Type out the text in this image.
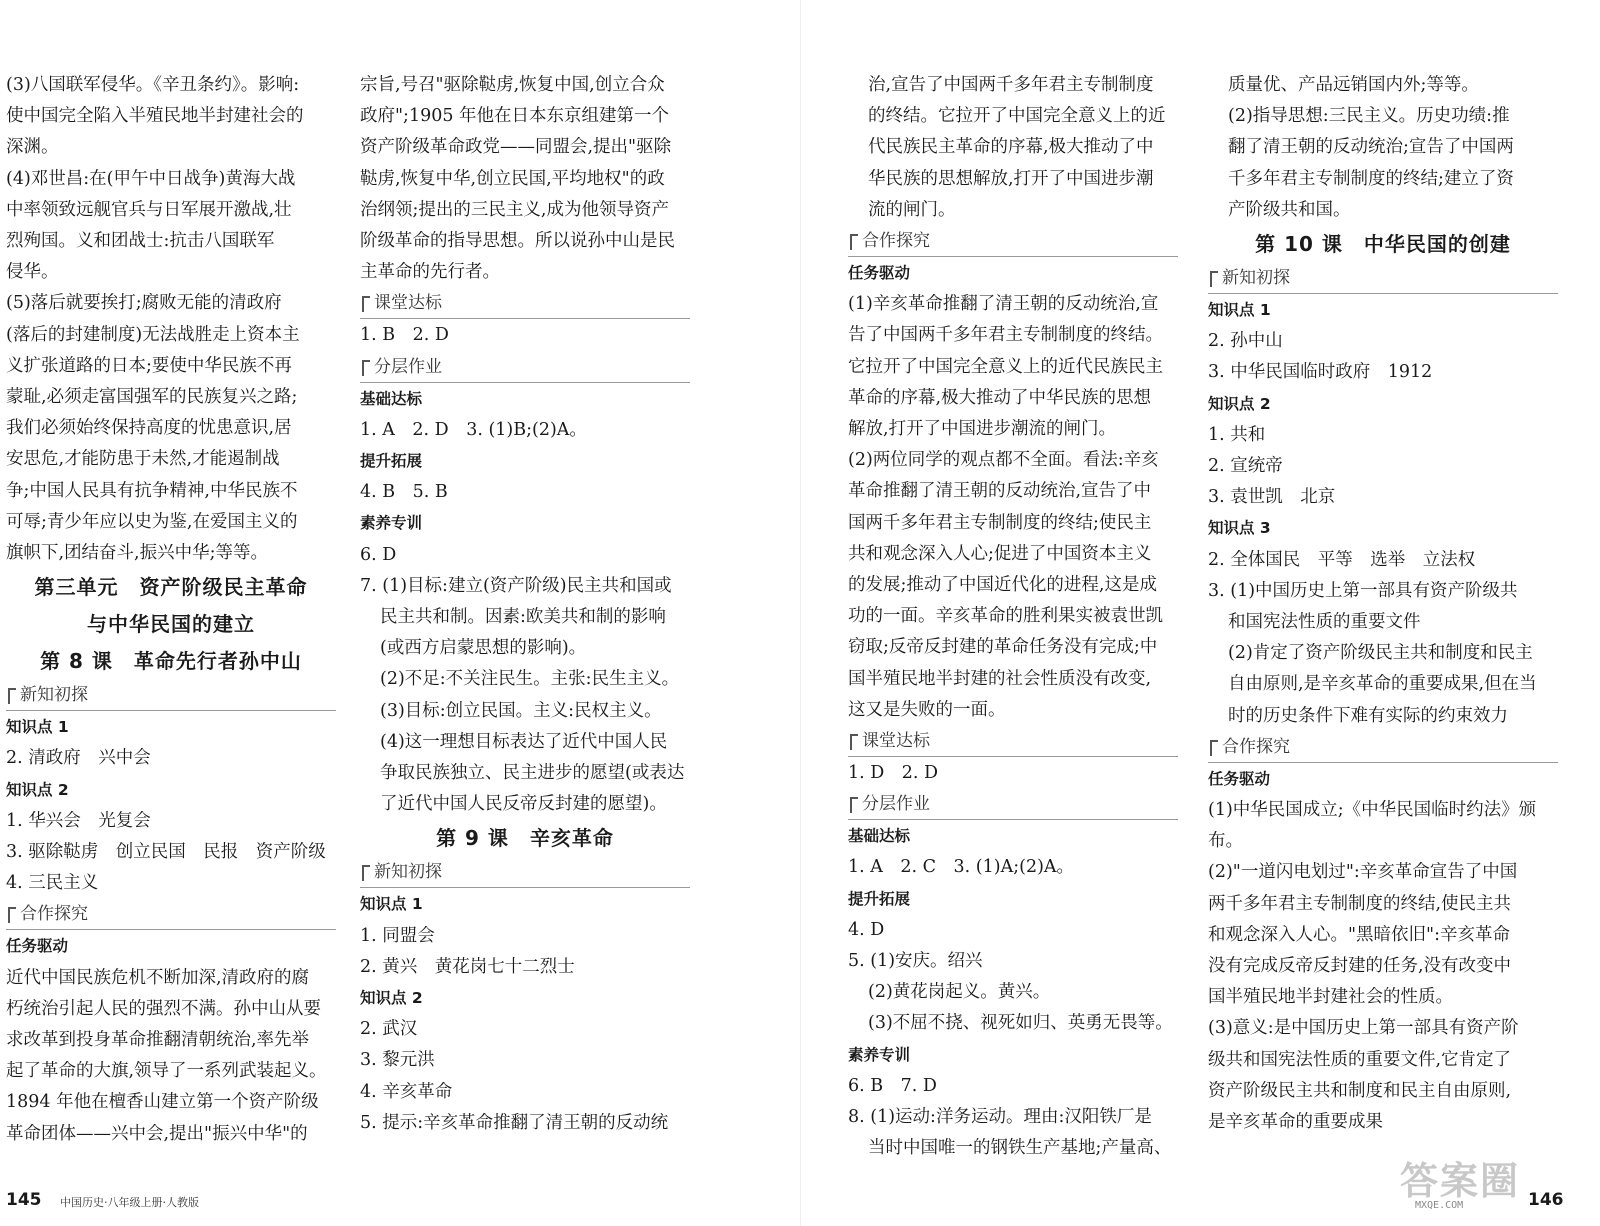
(3)八国联军侵华。《辛丑条约》。影响:
使中国完全陷入半殖民地半封建社会的
深渊。
(4)邓世昌:在(甲午中日战争)黄海大战
中率领致远舰官兵与日军展开激战,壮
烈殉国。义和团战士:抗击八国联军
侵华。
(5)落后就要挨打;腐败无能的清政府
(落后的封建制度)无法战胜走上资本主
义扩张道路的日本;要使中华民族不再
蒙耻,必须走富国强军的民族复兴之路;
我们必须始终保持高度的忧患意识,居
安思危,才能防患于未然,才能遏制战
争;中国人民具有抗争精神,中华民族不
可辱;青少年应以史为鉴,在爱国主义的
旗帜下,团结奋斗,振兴中华;等等。
第三单元　资产阶级民主革命
与中华民国的建立
第 8 课　革命先行者孙中山
新知初探
知识点 1
2. 清政府　兴中会
知识点 2
1. 华兴会　光复会
3. 驱除鞑虏　创立民国　民报　资产阶级
4. 三民主义
合作探究
任务驱动
近代中国民族危机不断加深,清政府的腐
朽统治引起人民的强烈不满。孙中山从要
求改革到投身革命推翻清朝统治,率先举
起了革命的大旗,领导了一系列武装起义。
1894 年他在檀香山建立第一个资产阶级
革命团体——兴中会,提出"振兴中华"的
宗旨,号召"驱除鞑虏,恢复中国,创立合众
政府";1905 年他在日本东京组建第一个
资产阶级革命政党——同盟会,提出"驱除
鞑虏,恢复中华,创立民国,平均地权"的政
治纲领;提出的三民主义,成为他领导资产
阶级革命的指导思想。所以说孙中山是民
主革命的先行者。
课堂达标
1. B　2. D
分层作业
基础达标
1. A　2. D　3. (1)B;(2)A。
提升拓展
4. B　5. B
素养专训
6. D
7. (1)目标:建立(资产阶级)民主共和国或
民主共和制。因素:欧美共和制的影响
(或西方启蒙思想的影响)。
(2)不足:不关注民生。主张:民生主义。
(3)目标:创立民国。主义:民权主义。
(4)这一理想目标表达了近代中国人民
争取民族独立、民主进步的愿望(或表达
了近代中国人民反帝反封建的愿望)。
第 9 课　辛亥革命
新知初探
知识点 1
1. 同盟会
2. 黄兴　黄花岗七十二烈士
知识点 2
2. 武汉
3. 黎元洪
4. 辛亥革命
5. 提示:辛亥革命推翻了清王朝的反动统
治,宣告了中国两千多年君主专制制度
的终结。它拉开了中国完全意义上的近
代民族民主革命的序幕,极大推动了中
华民族的思想解放,打开了中国进步潮
流的闸门。
合作探究
任务驱动
(1)辛亥革命推翻了清王朝的反动统治,宣
告了中国两千多年君主专制制度的终结。
它拉开了中国完全意义上的近代民族民主
革命的序幕,极大推动了中华民族的思想
解放,打开了中国进步潮流的闸门。
(2)两位同学的观点都不全面。看法:辛亥
革命推翻了清王朝的反动统治,宣告了中
国两千多年君主专制制度的终结;使民主
共和观念深入人心;促进了中国资本主义
的发展;推动了中国近代化的进程,这是成
功的一面。辛亥革命的胜利果实被袁世凯
窃取;反帝反封建的革命任务没有完成;中
国半殖民地半封建的社会性质没有改变,
这又是失败的一面。
课堂达标
1. D　2. D
分层作业
基础达标
1. A　2. C　3. (1)A;(2)A。
提升拓展
4. D
5. (1)安庆。绍兴
(2)黄花岗起义。黄兴。
(3)不屈不挠、视死如归、英勇无畏等。
素养专训
6. B　7. D
8. (1)运动:洋务运动。理由:汉阳铁厂是
当时中国唯一的钢铁生产基地;产量高、
质量优、产品远销国内外;等等。
(2)指导思想:三民主义。历史功绩:推
翻了清王朝的反动统治;宣告了中国两
千多年君主专制制度的终结;建立了资
产阶级共和国。
第 10 课　中华民国的创建
新知初探
知识点 1
2. 孙中山
3. 中华民国临时政府　1912
知识点 2
1. 共和
2. 宣统帝
3. 袁世凯　北京
知识点 3
2. 全体国民　平等　选举　立法权
3. (1)中国历史上第一部具有资产阶级共
和国宪法性质的重要文件
(2)肯定了资产阶级民主共和制度和民主
自由原则,是辛亥革命的重要成果,但在当
时的历史条件下难有实际的约束效力
合作探究
任务驱动
(1)中华民国成立;《中华民国临时约法》颁
布。
(2)"一道闪电划过":辛亥革命宣告了中国
两千多年君主专制制度的终结,使民主共
和观念深入人心。"黑暗依旧":辛亥革命
没有完成反帝反封建的任务,没有改变中
国半殖民地半封建社会的性质。
(3)意义:是中国历史上第一部具有资产阶
级共和国宪法性质的重要文件,它肯定了
资产阶级民主共和制度和民主自由原则,
是辛亥革命的重要成果
145 中国历史·八年级上册·人教版	146
答案圈
MXQE.COM
